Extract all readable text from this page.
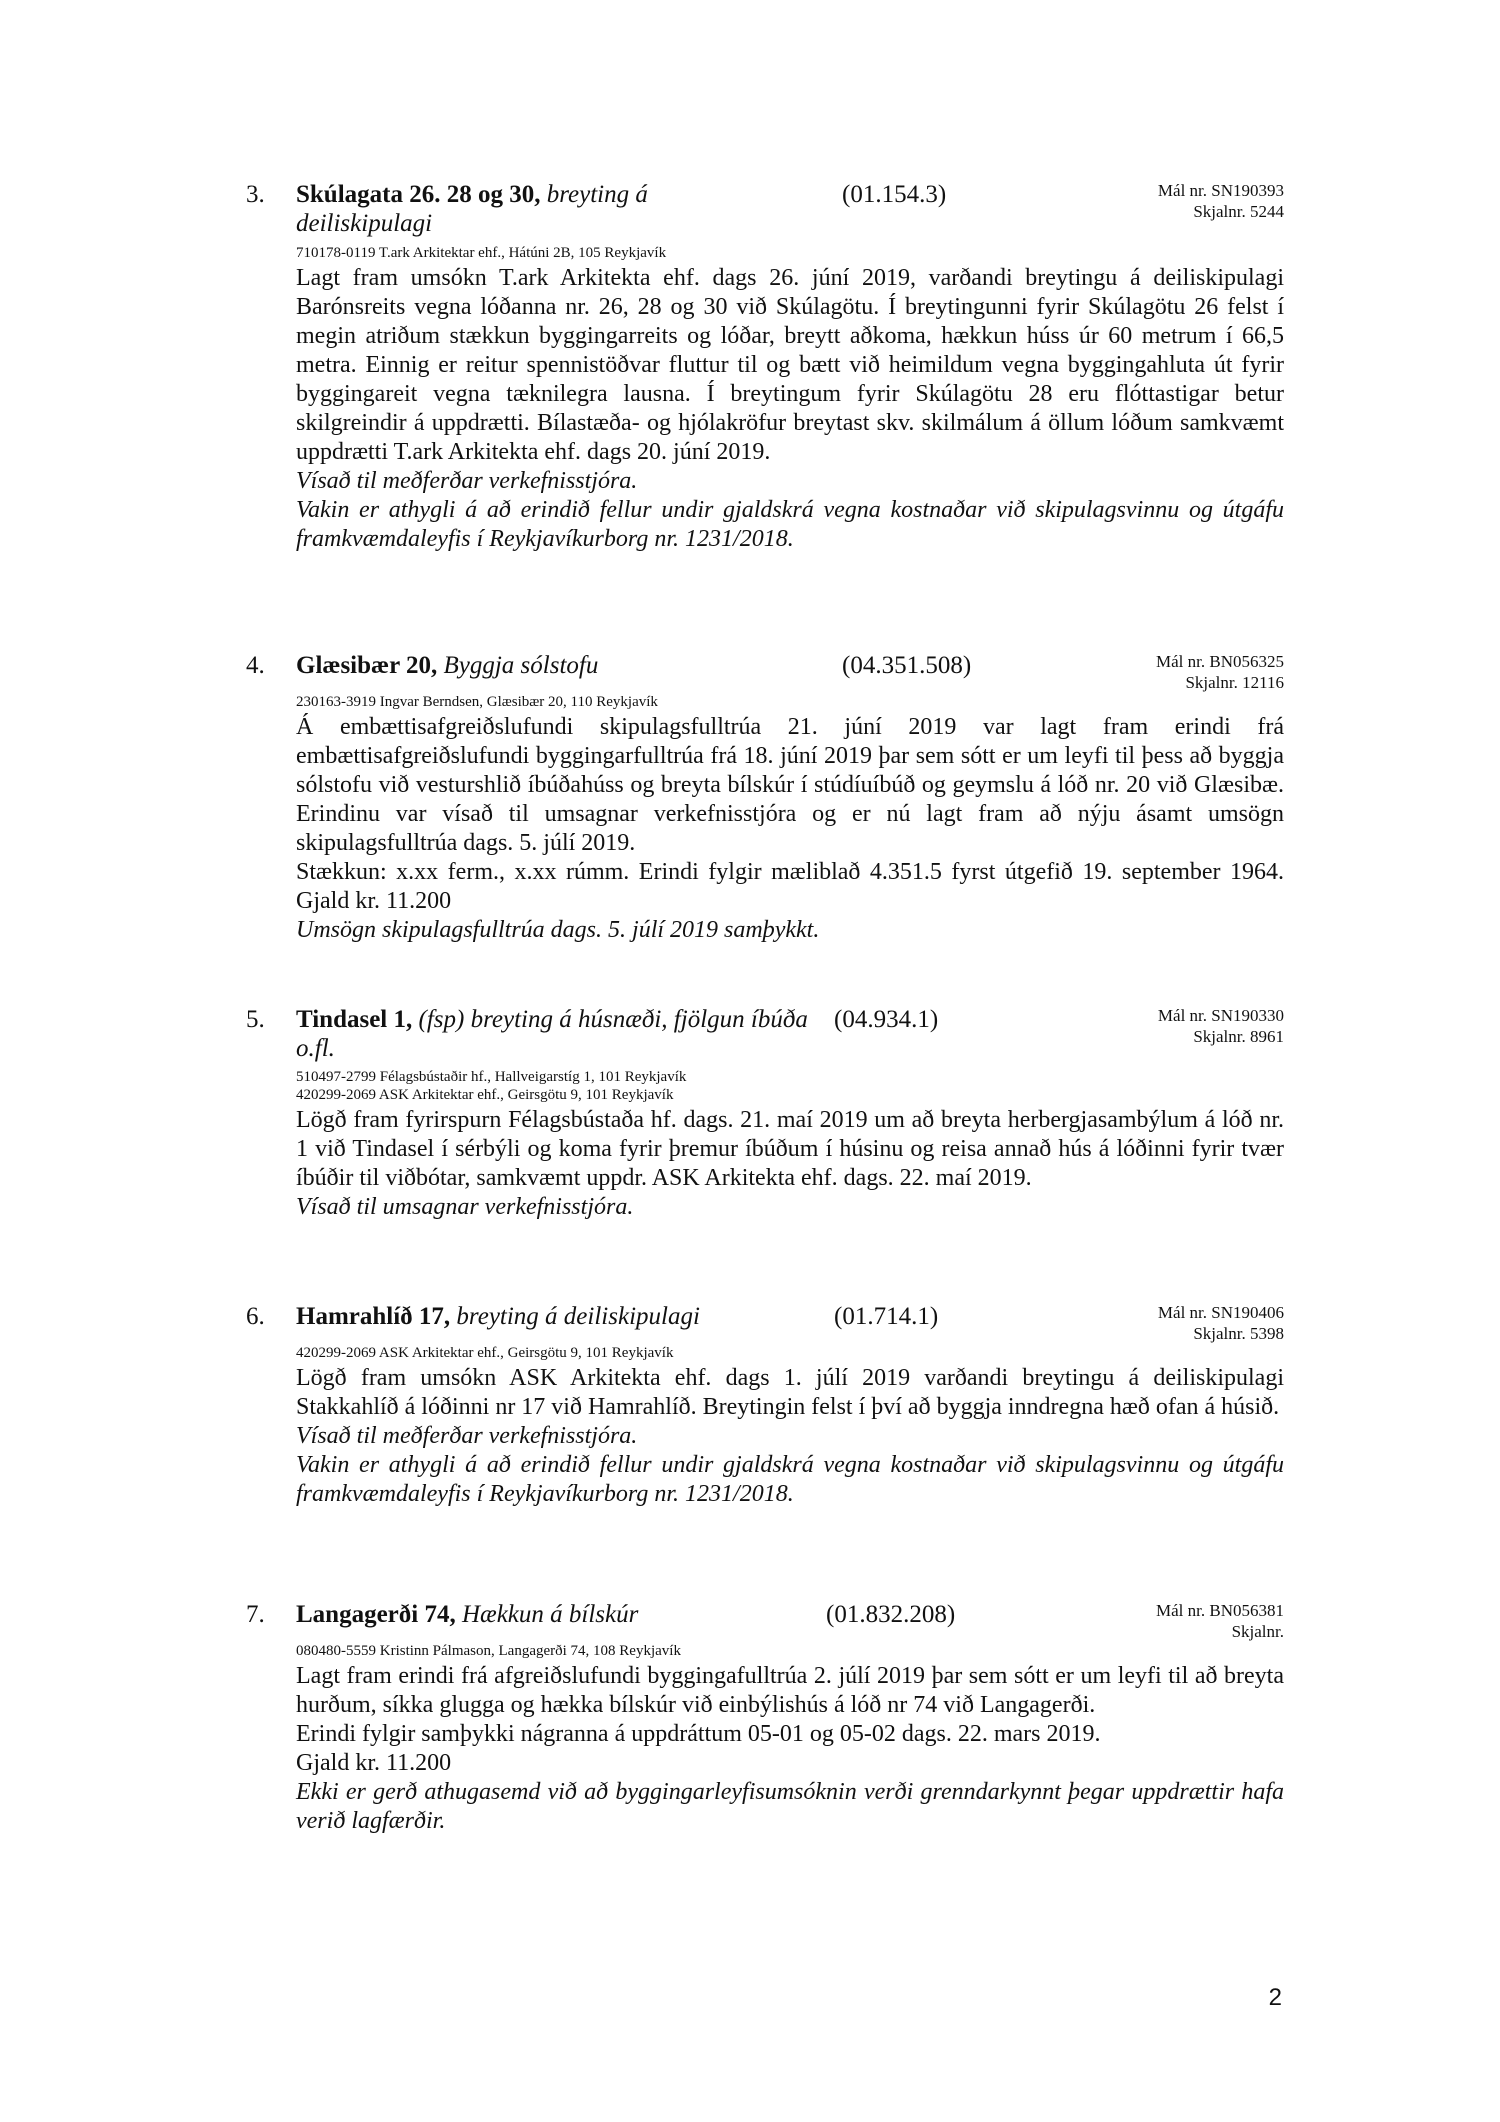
3. Skúlagata 26. 28 og 30, breyting á deiliskipulagi
(01.154.3)	Mál nr. SN190393
Skjalnr. 5244
710178-0119 T.ark Arkitektar ehf., Hátúni 2B, 105 Reykjavík

Lagt fram umsókn T.ark Arkitekta ehf. dags 26. júní 2019, varðandi breytingu á deiliskipulagi Barónsreits vegna lóðanna nr. 26, 28 og 30 við Skúlagötu. Í breytingunni fyrir Skúlagötu 26 felst í megin atriðum stækkun byggingarreits og lóðar, breytt aðkoma, hækkun húss úr 60 metrum í 66,5 metra. Einnig er reitur spennistöðvar fluttur til og bætt við heimildum vegna byggingahluta út fyrir byggingareit vegna tæknilegra lausna. Í breytingum fyrir Skúlagötu 28 eru flóttastigar betur skilgreindir á uppdrætti. Bílastæða- og hjólakröfur breytast skv. skilmálum á öllum lóðum samkvæmt uppdrætti T.ark Arkitekta ehf. dags 20. júní 2019.

Vísað til meðferðar verkefnisstjóra.

Vakin er athygli á að erindið fellur undir gjaldskrá vegna kostnaðar við skipulagsvinnu og útgáfu framkvæmdaleyfis í Reykjavíkurborg nr. 1231/2018.

4. Glæsibær 20, Byggja sólstofu	(04.351.508)	Mál nr. BN056325
Skjalnr. 12116
230163-3919 Ingvar Berndsen, Glæsibær 20, 110 Reykjavík

Á embættisafgreiðslufundi skipulagsfulltrúa 21. júní 2019 var lagt fram erindi frá embættisafgreiðslufundi byggingarfulltrúa frá 18. júní 2019 þar sem sótt er um leyfi til þess að byggja sólstofu við vesturshlið íbúðahúss og breyta bílskúr í stúdíuíbúð og geymslu á lóð nr. 20 við Glæsibæ. Erindinu var vísað til umsagnar verkefnisstjóra og er nú lagt fram að nýju ásamt umsögn skipulagsfulltrúa dags. 5. júlí 2019.

Stækkun: x.xx ferm., x.xx rúmm. Erindi fylgir mæliblað 4.351.5 fyrst útgefið 19. september 1964. Gjald kr. 11.200

Umsögn skipulagsfulltrúa dags. 5. júlí 2019 samþykkt.

5. Tindasel 1, (fsp) breyting á húsnæði, fjölgun íbúða o.fl.
(04.934.1)	Mál nr. SN190330
Skjalnr. 8961
510497-2799 Félagsbústaðir hf., Hallveigarstíg 1, 101 Reykjavík
420299-2069 ASK Arkitektar ehf., Geirsgötu 9, 101 Reykjavík

Lögð fram fyrirspurn Félagsbústaða hf. dags. 21. maí 2019 um að breyta herbergjasambýlum á lóð nr. 1 við Tindasel í sérbýli og koma fyrir þremur íbúðum í húsinu og reisa annað hús á lóðinni fyrir tvær íbúðir til viðbótar, samkvæmt uppdr. ASK Arkitekta ehf. dags. 22. maí 2019.

Vísað til umsagnar verkefnisstjóra.

6. Hamrahlíð 17, breyting á deiliskipulagi	(01.714.1)	Mál nr. SN190406
Skjalnr. 5398
420299-2069 ASK Arkitektar ehf., Geirsgötu 9, 101 Reykjavík

Lögð fram umsókn ASK Arkitekta ehf. dags 1. júlí 2019 varðandi breytingu á deiliskipulagi Stakkahlíð á lóðinni nr 17 við Hamrahlíð. Breytingin felst í því að byggja inndregna hæð ofan á húsið.

Vísað til meðferðar verkefnisstjóra.

Vakin er athygli á að erindið fellur undir gjaldskrá vegna kostnaðar við skipulagsvinnu og útgáfu framkvæmdaleyfis í Reykjavíkurborg nr. 1231/2018.

7. Langagerði 74, Hækkun á bílskúr	(01.832.208)	Mál nr. BN056381
Skjalnr.
080480-5559 Kristinn Pálmason, Langagerði 74, 108 Reykjavík

Lagt fram erindi frá afgreiðslufundi byggingafulltrúa 2. júlí 2019 þar sem sótt er um leyfi til að breyta hurðum, síkka glugga og hækka bílskúr við einbýlishús á lóð nr 74 við Langagerði.

Erindi fylgir samþykki nágranna á uppdráttum 05-01 og 05-02 dags. 22. mars 2019.

Gjald kr. 11.200

Ekki er gerð athugasemd við að byggingarleyfisumsóknin verði grenndarkynnt þegar uppdrættir hafa verið lagfærðir.

2
